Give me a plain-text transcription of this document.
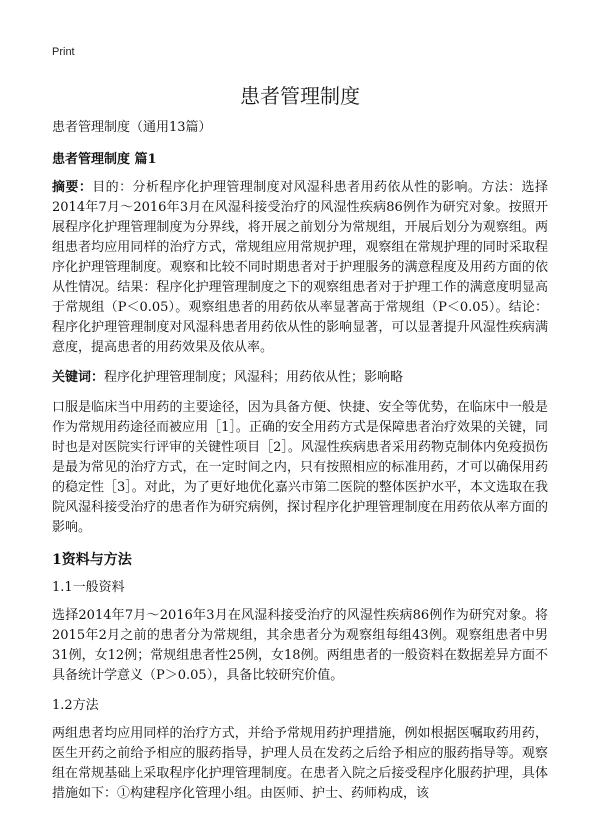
Print
患者管理制度

患者管理制度（通用13篇）

患者管理制度 篇1

摘要：目的：分析程序化护理管理制度对风湿科患者用药依从性的影响。方法：选择2014年7月～2016年3月在风湿科接受治疗的风湿性疾病86例作为研究对象。按照开展程序化护理管理制度为分界线，将开展之前划分为常规组，开展后划分为观察组。两组患者均应用同样的治疗方式，常规组应用常规护理，观察组在常规护理的同时采取程序化护理管理制度。观察和比较不同时期患者对于护理服务的满意程度及用药方面的依从性情况。结果：程序化护理管理制度之下的观察组患者对于护理工作的满意度明显高于常规组（P＜0.05）。观察组患者的用药依从率显著高于常规组（P＜0.05）。结论：程序化护理管理制度对风湿科患者用药依从性的影响显著，可以显著提升风湿性疾病满意度，提高患者的用药效果及依从率。

关键词：程序化护理管理制度；风湿科；用药依从性；影响略

口服是临床当中用药的主要途径，因为具备方便、快捷、安全等优势，在临床中一般是作为常规用药途径而被应用［1］。正确的安全用药方式是保障患者治疗效果的关键，同时也是对医院实行评审的关键性项目［2］。风湿性疾病患者采用药物克制体内免疫损伤是最为常见的治疗方式，在一定时间之内，只有按照相应的标准用药，才可以确保用药的稳定性［3］。对此，为了更好地优化嘉兴市第二医院的整体医护水平，本文选取在我院风湿科接受治疗的患者作为研究病例，探讨程序化护理管理制度在用药依从率方面的影响。

1资料与方法

1.1一般资料

选择2014年7月～2016年3月在风湿科接受治疗的风湿性疾病86例作为研究对象。将2015年2月之前的患者分为常规组，其余患者分为观察组每组43例。观察组患者中男31例，女12例；常规组患者性25例，女18例。两组患者的一般资料在数据差异方面不具备统计学意义（P＞0.05），具备比较研究价值。

1.2方法

两组患者均应用同样的治疗方式，并给予常规用药护理措施，例如根据医嘱取药用药，医生开药之前给予相应的服药指导，护理人员在发药之后给予相应的服药指导等。观察组在常规基础上采取程序化护理管理制度。在患者入院之后接受程序化服药护理，具体措施如下：①构建程序化管理小组。由医师、护士、药师构成，该
